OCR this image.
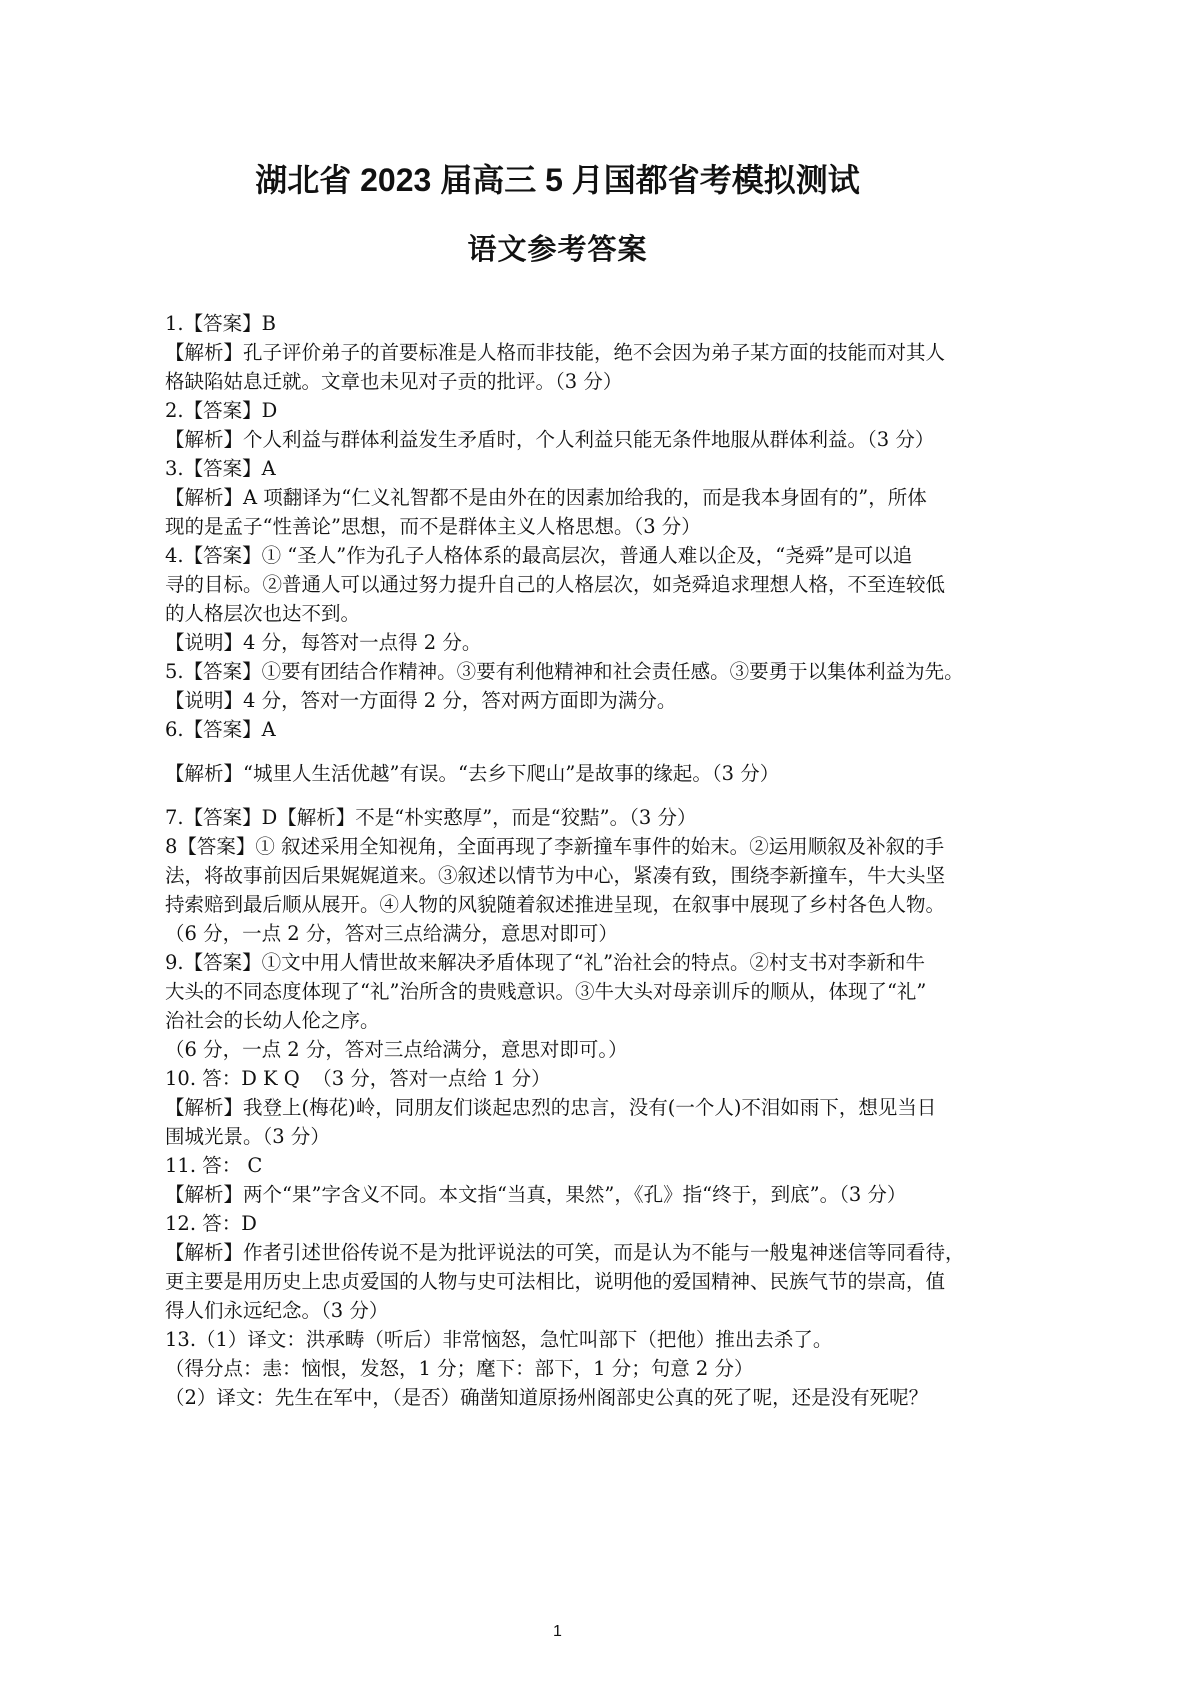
湖北省 2023 届高三 5 月国都省考模拟测试
语文参考答案
1.【答案】B
【解析】孔子评价弟子的首要标准是人格而非技能，绝不会因为弟子某方面的技能而对其人
格缺陷姑息迁就。文章也未见对子贡的批评。（3 分）
2.【答案】D
【解析】个人利益与群体利益发生矛盾时，个人利益只能无条件地服从群体利益。（3 分）
3.【答案】A
【解析】A 项翻译为“仁义礼智都不是由外在的因素加给我的，而是我本身固有的”，所体
现的是孟子“性善论”思想，而不是群体主义人格思想。（3 分）
4.【答案】① “圣人”作为孔子人格体系的最高层次，普通人难以企及，“尧舜”是可以追
寻的目标。②普通人可以通过努力提升自己的人格层次，如尧舜追求理想人格，不至连较低
的人格层次也达不到。
【说明】4 分，每答对一点得 2 分。
5.【答案】①要有团结合作精神。③要有利他精神和社会责任感。③要勇于以集体利益为先。
【说明】4 分，答对一方面得 2 分，答对两方面即为满分。
6.【答案】A
【解析】“城里人生活优越”有误。“去乡下爬山”是故事的缘起。（3 分）
7.【答案】D【解析】不是“朴实憨厚”，而是“狡黠”。（3 分）
8【答案】① 叙述采用全知视角，全面再现了李新撞车事件的始末。②运用顺叙及补叙的手
法，将故事前因后果娓娓道来。③叙述以情节为中心，紧凑有致，围绕李新撞车，牛大头坚
持索赔到最后顺从展开。④人物的风貌随着叙述推进呈现，在叙事中展现了乡村各色人物。
（6 分，一点 2 分，答对三点给满分，意思对即可）
9.【答案】①文中用人情世故来解决矛盾体现了“礼”治社会的特点。②村支书对李新和牛
大头的不同态度体现了“礼”治所含的贵贱意识。③牛大头对母亲训斥的顺从，体现了“礼”
治社会的长幼人伦之序。
（6 分，一点 2 分，答对三点给满分，意思对即可。）
10. 答：D K Q  （3 分，答对一点给 1 分）
【解析】我登上(梅花)岭，同朋友们谈起忠烈的忠言，没有(一个人)不泪如雨下，想见当日
围城光景。（3 分）
11. 答： C
【解析】两个“果”字含义不同。本文指“当真，果然”，《孔》指“终于，到底”。（3 分）
12. 答：D
【解析】作者引述世俗传说不是为批评说法的可笑，而是认为不能与一般鬼神迷信等同看待，
更主要是用历史上忠贞爱国的人物与史可法相比，说明他的爱国精神、民族气节的崇高，值
得人们永远纪念。（3 分）
13.（1）译文：洪承畴（听后）非常恼怒，急忙叫部下（把他）推出去杀了。
（得分点：恚：恼恨，发怒，1 分；麾下：部下，1 分；句意 2 分）
（2）译文：先生在军中，（是否）确凿知道原扬州阁部史公真的死了呢，还是没有死呢？
1
